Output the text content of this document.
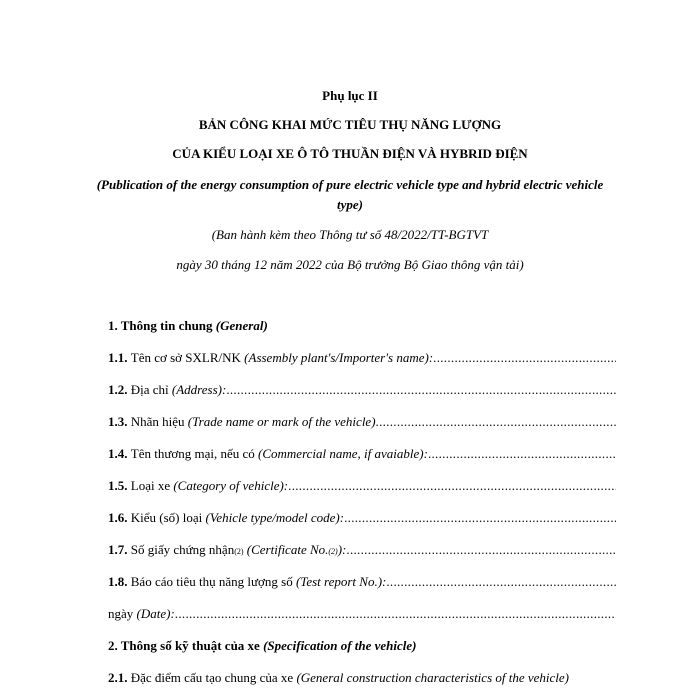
Phụ lục II
BẢN CÔNG KHAI MỨC TIÊU THỤ NĂNG LƯỢNG
CỦA KIỂU LOẠI XE Ô TÔ THUẦN ĐIỆN VÀ HYBRID ĐIỆN
(Publication of the energy consumption of pure electric vehicle type and hybrid electric vehicle
type)
(Ban hành kèm theo Thông tư số 48/2022/TT-BGTVT
ngày 30 tháng 12 năm 2022 của Bộ trưởng Bộ Giao thông vận tải)
1. Thông tin chung (General)
1.1.
Tên cơ sở SXLR/NK
(Assembly plant's/Importer's name):
.....
1.2.
Địa chỉ
(Address):
.....
1.3.
Nhãn hiệu
(Trade name or mark of the vehicle)
.....
1.4.
Tên thương mại, nếu có
(Commercial name, if avaiable):
.....
1.5.
Loại xe
(Category of vehicle):
.....
1.6.
Kiểu (số) loại
(Vehicle type/model code):
.....
1.7.
Số giấy chứng nhận (2)
(Certificate No. (2) ):
.....
1.8.
Báo cáo tiêu thụ năng lượng số
(Test report No.):
.....
ngày
(Date):
.....
2. Thông số kỹ thuật của xe (Specification of the vehicle)
2.1. Đặc điểm cấu tạo chung của xe (General construction characteristics of the vehicle)
